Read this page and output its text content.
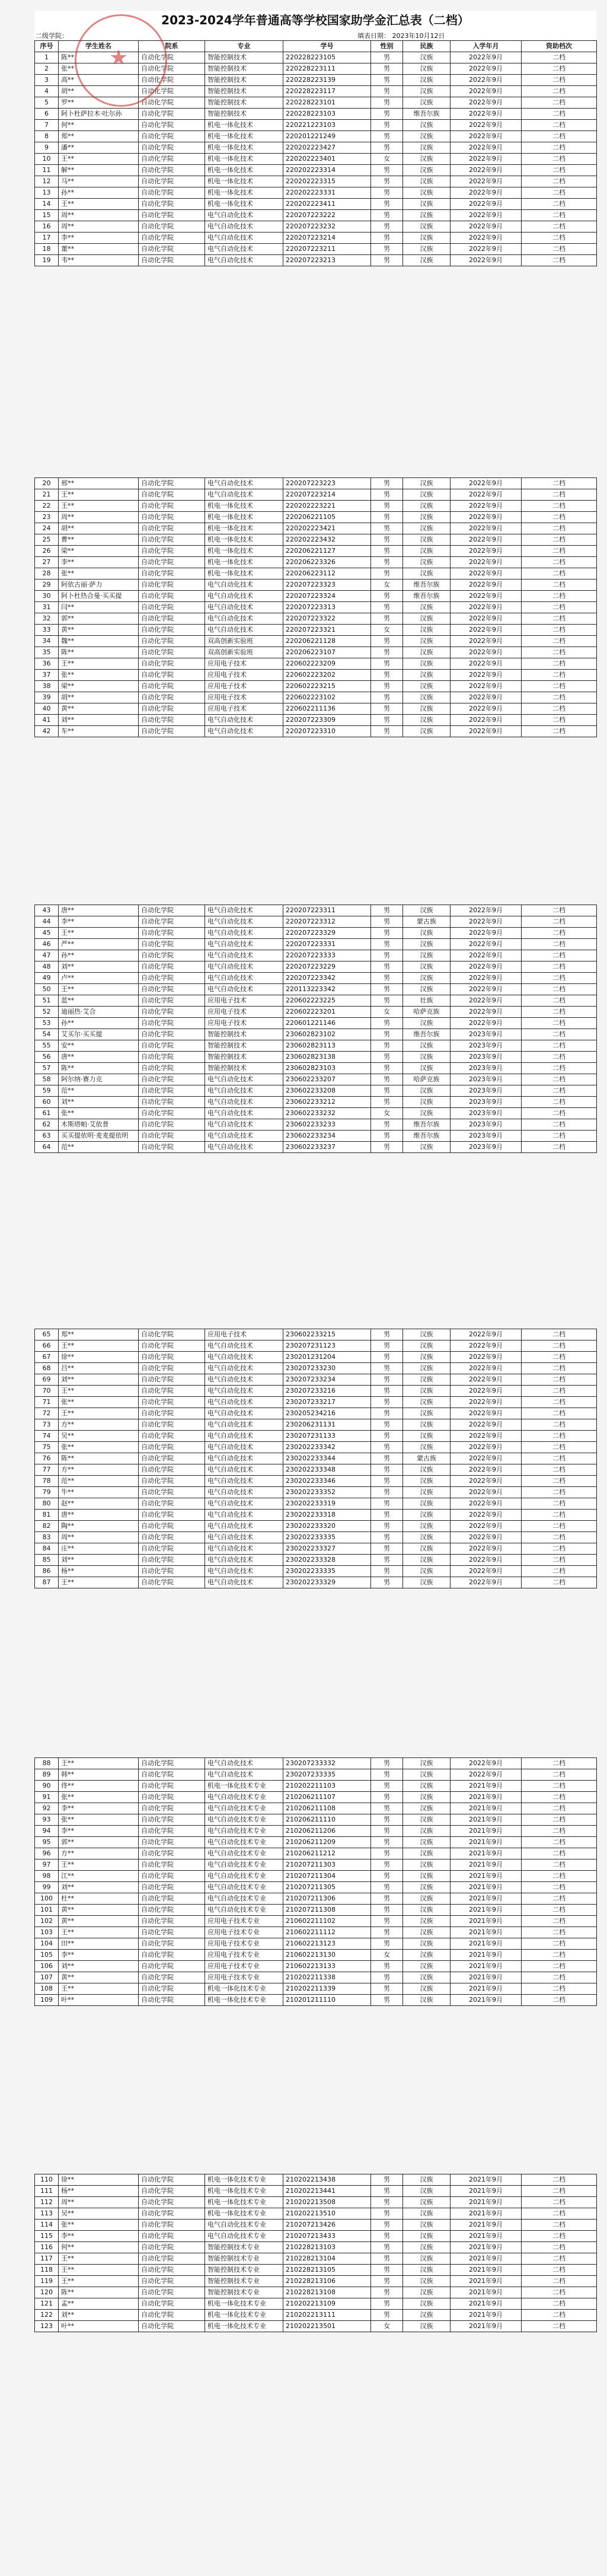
2023-2024学年普通高等学校国家助学金汇总表（二档）
二级学院：	填表日期： 2023年10月12日
★
序号	学生姓名	院系	专业	学号	性别	民族	入学年月	资助档次
1	陈**	自动化学院	智能控制技术	220228223105	男	汉族	2022年9月	二档
2	张**	自动化学院	智能控制技术	220228223111	男	汉族	2022年9月	二档
3	高**	自动化学院	智能控制技术	220228223139	男	汉族	2022年9月	二档
4	胡**	自动化学院	智能控制技术	220228223117	男	汉族	2022年9月	二档
5	罗**	自动化学院	智能控制技术	220228223101	男	汉族	2022年9月	二档
6	阿卜杜萨拉木·吐尔孙	自动化学院	智能控制技术	220228223103	男	维吾尔族	2022年9月	二档
7	何**	自动化学院	机电一体化技术	220221223103	男	汉族	2022年9月	二档
8	郑**	自动化学院	机电一体化技术	220201221249	男	汉族	2022年9月	二档
9	潘**	自动化学院	机电一体化技术	220202223427	男	汉族	2022年9月	二档
10	王**	自动化学院	机电一体化技术	220202223401	女	汉族	2022年9月	二档
11	解**	自动化学院	机电一体化技术	220202223314	男	汉族	2022年9月	二档
12	马**	自动化学院	机电一体化技术	220202223315	男	汉族	2022年9月	二档
13	孙**	自动化学院	机电一体化技术	220202223331	男	汉族	2022年9月	二档
14	王**	自动化学院	机电一体化技术	220202223411	男	汉族	2022年9月	二档
15	周**	自动化学院	电气自动化技术	220207223222	男	汉族	2022年9月	二档
16	周**	自动化学院	电气自动化技术	220207223232	男	汉族	2022年9月	二档
17	李**	自动化学院	电气自动化技术	220207223214	男	汉族	2022年9月	二档
18	董**	自动化学院	电气自动化技术	220207223211	男	汉族	2022年9月	二档
19	韦**	自动化学院	电气自动化技术	220207223213	男	汉族	2022年9月	二档
20	邢**	自动化学院	电气自动化技术	220207223223	男	汉族	2022年9月	二档
21	王**	自动化学院	电气自动化技术	220207223214	男	汉族	2022年9月	二档
22	王**	自动化学院	机电一体化技术	220202223221	男	汉族	2022年9月	二档
23	周**	自动化学院	机电一体化技术	220206221105	男	汉族	2022年9月	二档
24	胡**	自动化学院	机电一体化技术	220202223421	男	汉族	2022年9月	二档
25	曹**	自动化学院	机电一体化技术	220202223432	男	汉族	2022年9月	二档
26	梁**	自动化学院	机电一体化技术	220206221127	男	汉族	2022年9月	二档
27	李**	自动化学院	机电一体化技术	220206223326	男	汉族	2022年9月	二档
28	张**	自动化学院	机电一体化技术	220206223112	男	汉族	2022年9月	二档
29	阿依古丽·萨力	自动化学院	电气自动化技术	220207223323	女	维吾尔族	2022年9月	二档
30	阿卜杜热合曼·买买提	自动化学院	电气自动化技术	220207223324	男	维吾尔族	2022年9月	二档
31	闫**	自动化学院	电气自动化技术	220207223313	男	汉族	2022年9月	二档
32	郭**	自动化学院	电气自动化技术	220207223322	男	汉族	2022年9月	二档
33	黄**	自动化学院	电气自动化技术	220207223321	女	汉族	2022年9月	二档
34	魏**	自动化学院	双高创新实验班	220206221128	男	汉族	2022年9月	二档
35	陈**	自动化学院	双高创新实验班	220206223107	男	汉族	2022年9月	二档
36	王**	自动化学院	应用电子技术	220602223209	男	汉族	2022年9月	二档
37	张**	自动化学院	应用电子技术	220602223202	男	汉族	2022年9月	二档
38	梁**	自动化学院	应用电子技术	220602223215	男	汉族	2022年9月	二档
39	胡**	自动化学院	应用电子技术	220602223102	男	汉族	2022年9月	二档
40	黄**	自动化学院	应用电子技术	220602211136	男	汉族	2022年9月	二档
41	刘**	自动化学院	电气自动化技术	220207223309	男	汉族	2022年9月	二档
42	车**	自动化学院	电气自动化技术	220207223310	男	汉族	2022年9月	二档
43	唐**	自动化学院	电气自动化技术	220207223311	男	汉族	2022年9月	二档
44	李**	自动化学院	电气自动化技术	220207223312	男	蒙古族	2022年9月	二档
45	王**	自动化学院	电气自动化技术	220207223329	男	汉族	2022年9月	二档
46	严**	自动化学院	电气自动化技术	220207223331	男	汉族	2022年9月	二档
47	孙**	自动化学院	电气自动化技术	220207223333	男	汉族	2022年9月	二档
48	刘**	自动化学院	电气自动化技术	220207223229	男	汉族	2022年9月	二档
49	卢**	自动化学院	电气自动化技术	220207223342	男	汉族	2022年9月	二档
50	王**	自动化学院	电气自动化技术	220113223342	男	汉族	2022年9月	二档
51	蓝**	自动化学院	应用电子技术	220602223225	男	壮族	2022年9月	二档
52	迪丽热·艾合	自动化学院	应用电子技术	220602223201	女	哈萨克族	2022年9月	二档
53	孙**	自动化学院	应用电子技术	220601221146	男	汉族	2022年9月	二档
54	艾买尔·买买提	自动化学院	智能控制技术	230602823102	男	维吾尔族	2023年9月	二档
55	安**	自动化学院	智能控制技术	230602823113	男	汉族	2023年9月	二档
56	唐**	自动化学院	智能控制技术	230602823138	男	汉族	2023年9月	二档
57	陈**	自动化学院	智能控制技术	230602823103	男	汉族	2023年9月	二档
58	阿尔纳·赛力克	自动化学院	电气自动化技术	230602233207	男	哈萨克族	2023年9月	二档
59	范**	自动化学院	电气自动化技术	230602233208	男	汉族	2023年9月	二档
60	刘**	自动化学院	电气自动化技术	230602233212	男	汉族	2023年9月	二档
61	张**	自动化学院	电气自动化技术	230602233232	女	汉族	2023年9月	二档
62	木斯塔帕·艾依普	自动化学院	电气自动化技术	230602233233	男	维吾尔族	2023年9月	二档
63	买买提依明·麦麦提依明	自动化学院	电气自动化技术	230602233234	男	维吾尔族	2023年9月	二档
64	范**	自动化学院	电气自动化技术	230602233237	男	汉族	2023年9月	二档
65	郑**	自动化学院	应用电子技术	230602233215	男	汉族	2022年9月	二档
66	王**	自动化学院	电气自动化技术	230207231123	男	汉族	2022年9月	二档
67	徐**	自动化学院	电气自动化技术	230201231204	男	汉族	2022年9月	二档
68	吕**	自动化学院	电气自动化技术	230207233230	男	汉族	2022年9月	二档
69	刘**	自动化学院	电气自动化技术	230207233234	男	汉族	2022年9月	二档
70	王**	自动化学院	电气自动化技术	230207233216	男	汉族	2022年9月	二档
71	张**	自动化学院	电气自动化技术	230207233217	男	汉族	2022年9月	二档
72	王**	自动化学院	电气自动化技术	230205234216	男	汉族	2022年9月	二档
73	方**	自动化学院	电气自动化技术	230206231131	男	汉族	2022年9月	二档
74	吴**	自动化学院	电气自动化技术	230207231133	男	汉族	2022年9月	二档
75	张**	自动化学院	电气自动化技术	230202233342	男	汉族	2022年9月	二档
76	陈**	自动化学院	电气自动化技术	230202233344	男	蒙古族	2022年9月	二档
77	方**	自动化学院	电气自动化技术	230202233348	男	汉族	2022年9月	二档
78	范**	自动化学院	电气自动化技术	230202233346	男	汉族	2022年9月	二档
79	牛**	自动化学院	电气自动化技术	230202233352	男	汉族	2022年9月	二档
80	赵**	自动化学院	电气自动化技术	230202233319	男	汉族	2022年9月	二档
81	唐**	自动化学院	电气自动化技术	230202233318	男	汉族	2022年9月	二档
82	陶**	自动化学院	电气自动化技术	230202233320	男	汉族	2022年9月	二档
83	周**	自动化学院	电气自动化技术	230202233335	男	汉族	2022年9月	二档
84	庄**	自动化学院	电气自动化技术	230202233327	男	汉族	2022年9月	二档
85	刘**	自动化学院	电气自动化技术	230202233328	男	汉族	2022年9月	二档
86	杨**	自动化学院	电气自动化技术	230202233335	男	汉族	2022年9月	二档
87	王**	自动化学院	电气自动化技术	230202233329	男	汉族	2022年9月	二档
88	王**	自动化学院	电气自动化技术	230207233332	男	汉族	2022年9月	二档
89	韩**	自动化学院	电气自动化技术	230207233335	男	汉族	2022年9月	二档
90	佟**	自动化学院	机电一体化技术专业	210202211103	男	汉族	2021年9月	二档
91	张**	自动化学院	电气自动化技术专业	210206211107	男	汉族	2021年9月	二档
92	李**	自动化学院	电气自动化技术专业	210206211108	男	汉族	2021年9月	二档
93	张**	自动化学院	电气自动化技术专业	210206211110	男	汉族	2021年9月	二档
94	李**	自动化学院	电气自动化技术专业	210206211206	男	汉族	2021年9月	二档
95	郭**	自动化学院	电气自动化技术专业	210206211209	男	汉族	2021年9月	二档
96	方**	自动化学院	电气自动化技术专业	210206211212	男	汉族	2021年9月	二档
97	王**	自动化学院	电气自动化技术专业	210207211303	男	汉族	2021年9月	二档
98	江**	自动化学院	电气自动化技术专业	210207211304	男	汉族	2021年9月	二档
99	刘**	自动化学院	电气自动化技术专业	210207211305	男	汉族	2021年9月	二档
100	杜**	自动化学院	电气自动化技术专业	210207211306	男	汉族	2021年9月	二档
101	黄**	自动化学院	电气自动化技术专业	210207211308	男	汉族	2021年9月	二档
102	黄**	自动化学院	应用电子技术专业	210602211102	男	汉族	2021年9月	二档
103	王**	自动化学院	应用电子技术专业	210602211112	男	汉族	2021年9月	二档
104	田**	自动化学院	应用电子技术专业	210602213123	男	汉族	2021年9月	二档
105	李**	自动化学院	应用电子技术专业	210602213130	女	汉族	2021年9月	二档
106	刘**	自动化学院	应用电子技术专业	210602213133	男	汉族	2021年9月	二档
107	黄**	自动化学院	应用电子技术专业	210202211338	男	汉族	2021年9月	二档
108	王**	自动化学院	机电一体化技术专业	210202211339	男	汉族	2021年9月	二档
109	叶**	自动化学院	机电一体化技术专业	210201211110	男	汉族	2021年9月	二档
110	徐**	自动化学院	机电一体化技术专业	210202213438	男	汉族	2021年9月	二档
111	杨**	自动化学院	机电一体化技术专业	210202213441	男	汉族	2021年9月	二档
112	周**	自动化学院	机电一体化技术专业	210202213508	男	汉族	2021年9月	二档
113	吴**	自动化学院	机电一体化技术专业	210202213510	男	汉族	2021年9月	二档
114	张**	自动化学院	电气自动化技术专业	210207213426	男	汉族	2021年9月	二档
115	李**	自动化学院	电气自动化技术专业	210207213433	男	汉族	2021年9月	二档
116	何**	自动化学院	智能控制技术专业	210228213103	男	汉族	2021年9月	二档
117	王**	自动化学院	智能控制技术专业	210228213104	男	汉族	2021年9月	二档
118	王**	自动化学院	智能控制技术专业	210228213105	男	汉族	2021年9月	二档
119	王**	自动化学院	智能控制技术专业	210228213106	男	汉族	2021年9月	二档
120	陈**	自动化学院	智能控制技术专业	210228213108	男	汉族	2021年9月	二档
121	孟**	自动化学院	机电一体化技术专业	210202213109	男	汉族	2021年9月	二档
122	刘**	自动化学院	机电一体化技术专业	210202213111	男	汉族	2021年9月	二档
123	叶**	自动化学院	机电一体化技术专业	210202213501	女	汉族	2021年9月	二档
